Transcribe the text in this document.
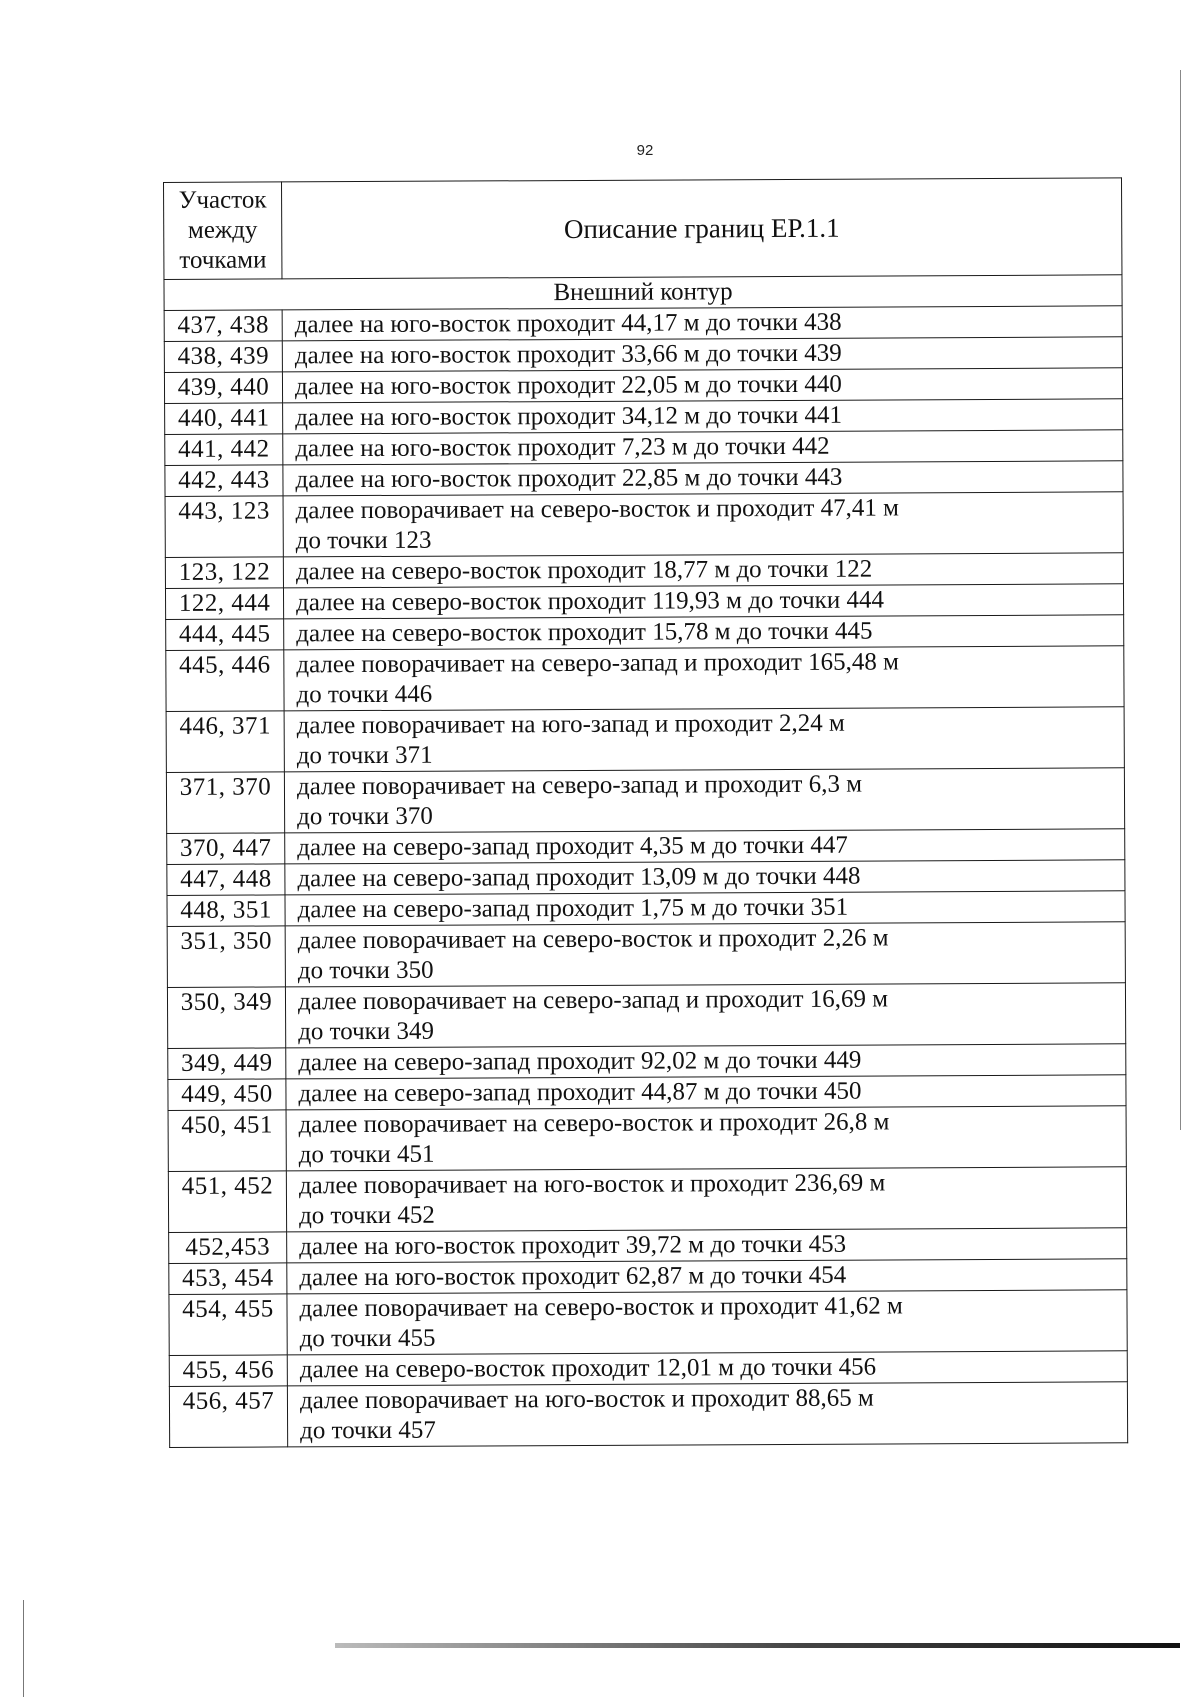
92
Участок
между
точками	Описание границ ЕР.1.1
Внешний контур	
437, 438	далее на юго-восток проходит 44,17 м до точки 438

438, 439	далее на юго-восток проходит 33,66 м до точки 439

439, 440	далее на юго-восток проходит 22,05 м до точки 440

440, 441	далее на юго-восток проходит 34,12 м до точки 441

441, 442	далее на юго-восток проходит 7,23 м до точки 442

442, 443	далее на юго-восток проходит 22,85 м до точки 443

443, 123	далее поворачивает на северо-восток и проходит 47,41 м
до точки 123

123, 122	далее на северо-восток проходит 18,77 м до точки 122

122, 444	далее на северо-восток проходит 119,93 м до точки 444

444, 445	далее на северо-восток проходит 15,78 м до точки 445

445, 446	далее поворачивает на северо-запад и проходит 165,48 м
до точки 446

446, 371	далее поворачивает на юго-запад и проходит 2,24 м
до точки 371

371, 370	далее поворачивает на северо-запад и проходит 6,3 м
до точки 370

370, 447	далее на северо-запад проходит 4,35 м до точки 447

447, 448	далее на северо-запад проходит 13,09 м до точки 448

448, 351	далее на северо-запад проходит 1,75 м до точки 351

351, 350	далее поворачивает на северо-восток и проходит 2,26 м
до точки 350

350, 349	далее поворачивает на северо-запад и проходит 16,69 м
до точки 349

349, 449	далее на северо-запад проходит 92,02 м до точки 449

449, 450	далее на северо-запад проходит 44,87 м до точки 450

450, 451	далее поворачивает на северо-восток и проходит 26,8 м
до точки 451

451, 452	далее поворачивает на юго-восток и проходит 236,69 м
до точки 452

452,453	далее на юго-восток проходит 39,72 м до точки 453

453, 454	далее на юго-восток проходит 62,87 м до точки 454

454, 455	далее поворачивает на северо-восток и проходит 41,62 м
до точки 455

455, 456	далее на северо-восток проходит 12,01 м до точки 456

456, 457	далее поворачивает на юго-восток и проходит 88,65 м
до точки 457
